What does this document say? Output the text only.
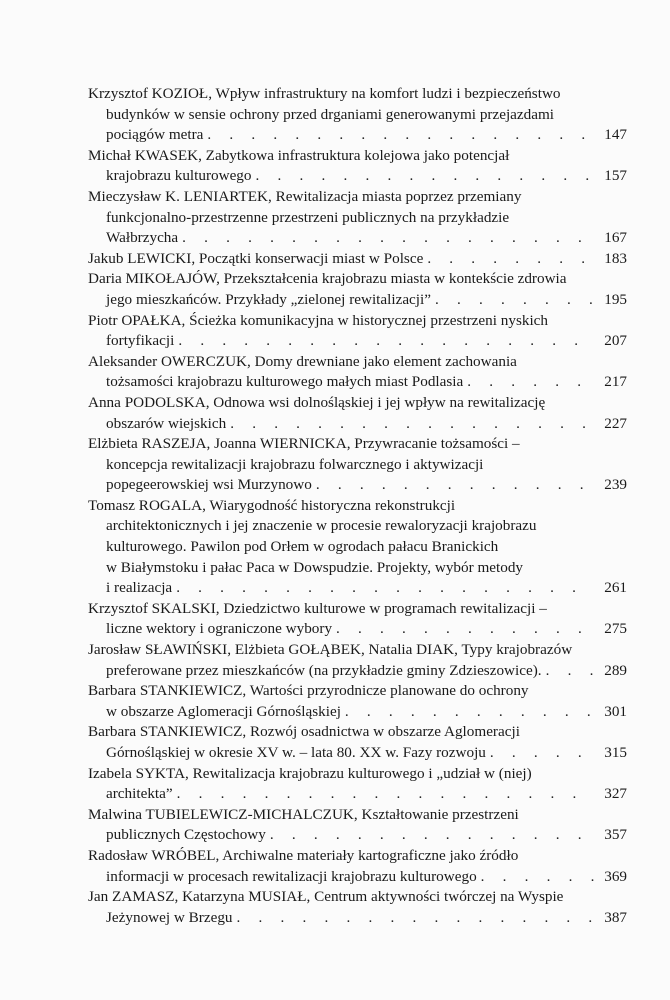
Krzysztof KOZIOŁ, Wpływ infrastruktury na komfort ludzi i bezpieczeństwo
budynków w sensie ochrony przed drganiami generowanymi przejazdami
pociągów metra . . .	147
Michał KWASEK, Zabytkowa infrastruktura kolejowa jako potencjał
krajobrazu kulturowego . . .	157
Mieczysław K. LENIARTEK, Rewitalizacja miasta poprzez przemiany
funkcjonalno-przestrzenne przestrzeni publicznych na przykładzie
Wałbrzycha . . .	167
Jakub LEWICKI, Początki konserwacji miast w Polsce . . .	183
Daria MIKOŁAJÓW, Przekształcenia krajobrazu miasta w kontekście zdrowia
jego mieszkańców. Przykłady „zielonej rewitalizacji” . . .	195
Piotr OPAŁKA, Ścieżka komunikacyjna w historycznej przestrzeni nyskich
fortyfikacji . . .	207
Aleksander OWERCZUK, Domy drewniane jako element zachowania
tożsamości krajobrazu kulturowego małych miast Podlasia . . .	217
Anna PODOLSKA, Odnowa wsi dolnośląskiej i jej wpływ na rewitalizację
obszarów wiejskich . . .	227
Elżbieta RASZEJA, Joanna WIERNICKA, Przywracanie tożsamości –
koncepcja rewitalizacji krajobrazu folwarcznego i aktywizacji
popegeerowskiej wsi Murzynowo . . .	239
Tomasz ROGALA, Wiarygodność historyczna rekonstrukcji
architektonicznych i jej znaczenie w procesie rewaloryzacji krajobrazu
kulturowego. Pawilon pod Orłem w ogrodach pałacu Branickich
w Białymstoku i pałac Paca w Dowspudzie. Projekty, wybór metody
i realizacja . . .	261
Krzysztof SKALSKI, Dziedzictwo kulturowe w programach rewitalizacji –
liczne wektory i ograniczone wybory . . .	275
Jarosław SŁAWIŃSKI, Elżbieta GOŁĄBEK, Natalia DIAK, Typy krajobrazów
preferowane przez mieszkańców (na przykładzie gminy Zdzieszowice). . . .	289
Barbara STANKIEWICZ, Wartości przyrodnicze planowane do ochrony
w obszarze Aglomeracji Górnośląskiej . . .	301
Barbara STANKIEWICZ, Rozwój osadnictwa w obszarze Aglomeracji
Górnośląskiej w okresie XV w. – lata 80. XX w. Fazy rozwoju . . .	315
Izabela SYKTA, Rewitalizacja krajobrazu kulturowego i „udział w (niej)
architekta” . . .	327
Malwina TUBIELEWICZ-MICHALCZUK, Kształtowanie przestrzeni
publicznych Częstochowy . . .	357
Radosław WRÓBEL, Archiwalne materiały kartograficzne jako źródło
informacji w procesach rewitalizacji krajobrazu kulturowego . . .	369
Jan ZAMASZ, Katarzyna MUSIAŁ, Centrum aktywności twórczej na Wyspie
Jeżynowej w Brzegu . . .	387
